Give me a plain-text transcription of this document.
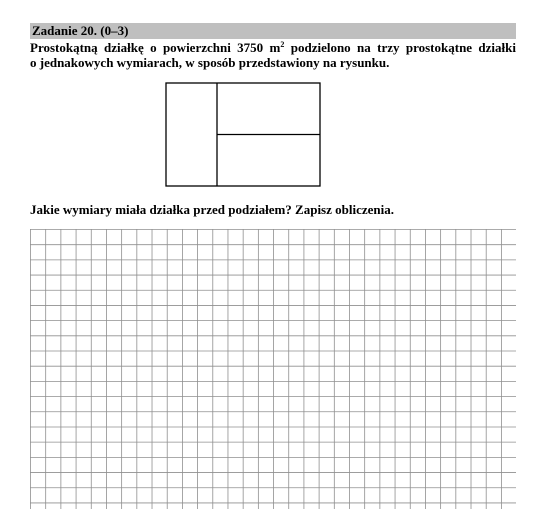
Zadanie 20. (0–3)
Prostokątną działkę o powierzchni 3750 $m^2$ podzielono na trzy prostokątne działki
o jednakowych wymiarach, w sposób przedstawiony na rysunku.
Jakie wymiary miała działka przed podziałem? Zapisz obliczenia.
